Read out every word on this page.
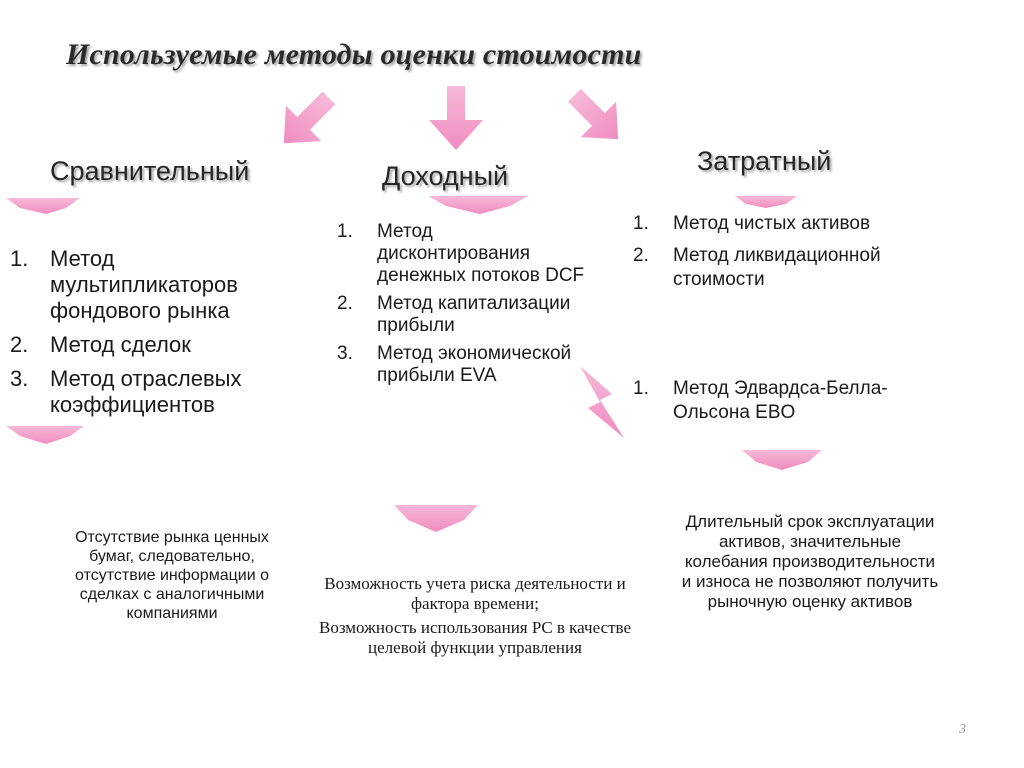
Используемые методы оценки стоимости
Сравнительный	Доходный	Затратный
1. Метод мультипликаторов фондового рынка
2. Метод сделок
3. Метод отраслевых коэффициентов
1. Метод дисконтирования денежных потоков DCF
2. Метод капитализации прибыли
3. Метод экономической прибыли EVA
1. Метод чистых активов
2. Метод ликвидационной стоимости
1. Метод Эдвардса-Белла-Ольсона EBO
Отсутствие рынка ценных бумаг, следовательно, отсутствие информации о сделках с аналогичными компаниями
Возможность учета риска деятельности и фактора времени;
Возможность использования PC в качестве целевой функции управления
Длительный срок эксплуатации активов, значительные колебания производительности и износа не позволяют получить рыночную оценку активов
3
